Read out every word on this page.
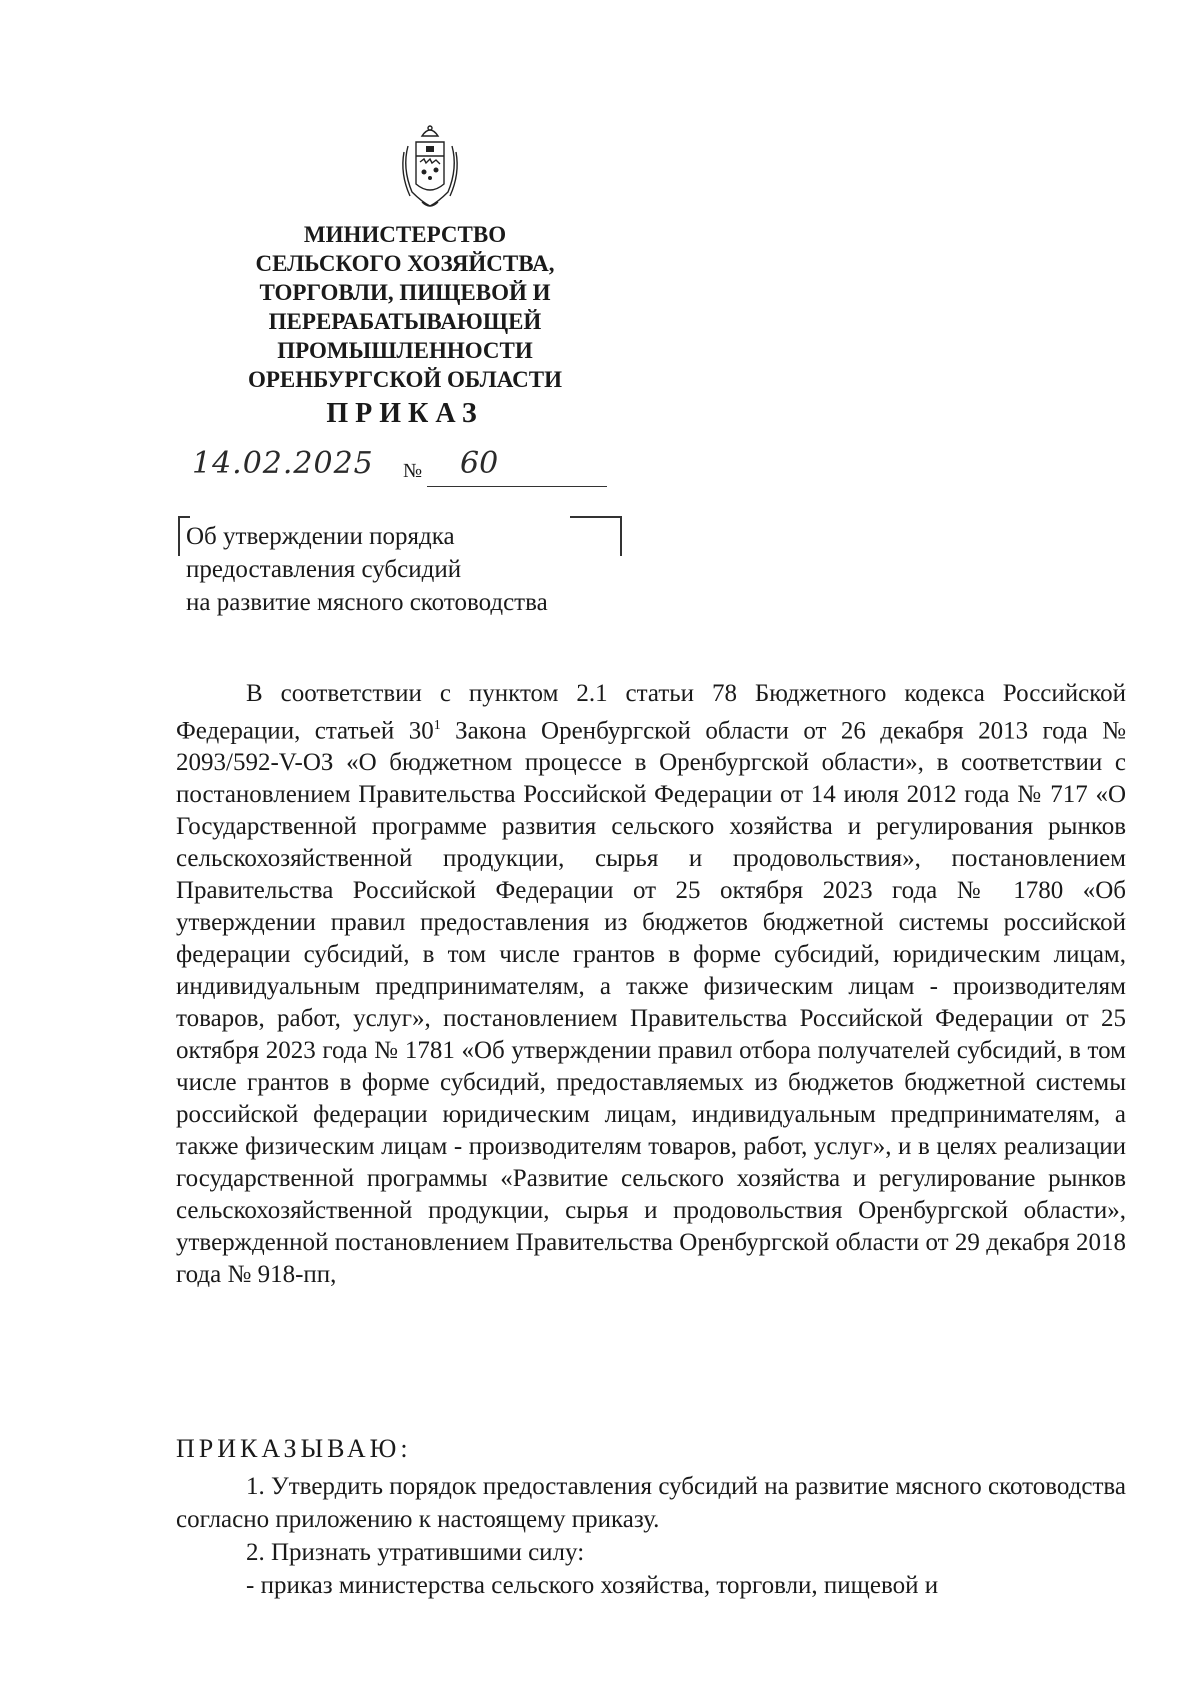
МИНИСТЕРСТВО
СЕЛЬСКОГО ХОЗЯЙСТВА,
ТОРГОВЛИ, ПИЩЕВОЙ И
ПЕРЕРАБАТЫВАЮЩЕЙ
ПРОМЫШЛЕННОСТИ
ОРЕНБУРГСКОЙ ОБЛАСТИ
ПРИКАЗ
14.02.2025 № 60
Об утверждении порядка
предоставления субсидий
на развитие мясного скотоводства
В соответствии с пунктом 2.1 статьи 78 Бюджетного кодекса Российской Федерации, статьей $30^1$ Закона Оренбургской области от 26 декабря 2013 года № 2093/592-V-ОЗ «О бюджетном процессе в Оренбургской области», в соответствии с постановлением Правительства Российской Федерации от 14 июля 2012 года № 717 «О Государственной программе развития сельского хозяйства и регулирования рынков сельскохозяйственной продукции, сырья и продовольствия», постановлением Правительства Российской Федерации от 25 октября 2023 года № 1780 «Об утверждении правил предоставления из бюджетов бюджетной системы российской федерации субсидий, в том числе грантов в форме субсидий, юридическим лицам, индивидуальным предпринимателям, а также физическим лицам - производителям товаров, работ, услуг», постановлением Правительства Российской Федерации от 25 октября 2023 года № 1781 «Об утверждении правил отбора получателей субсидий, в том числе грантов в форме субсидий, предоставляемых из бюджетов бюджетной системы российской федерации юридическим лицам, индивидуальным предпринимателям, а также физическим лицам - производителям товаров, работ, услуг», и в целях реализации государственной программы «Развитие сельского хозяйства и регулирование рынков сельскохозяйственной продукции, сырья и продовольствия Оренбургской области», утвержденной постановлением Правительства Оренбургской области от 29 декабря 2018 года № 918-пп,
ПРИКАЗЫВАЮ:
1. Утвердить порядок предоставления субсидий на развитие мясного скотоводства согласно приложению к настоящему приказу.
2. Признать утратившими силу:
- приказ министерства сельского хозяйства, торговли, пищевой и
